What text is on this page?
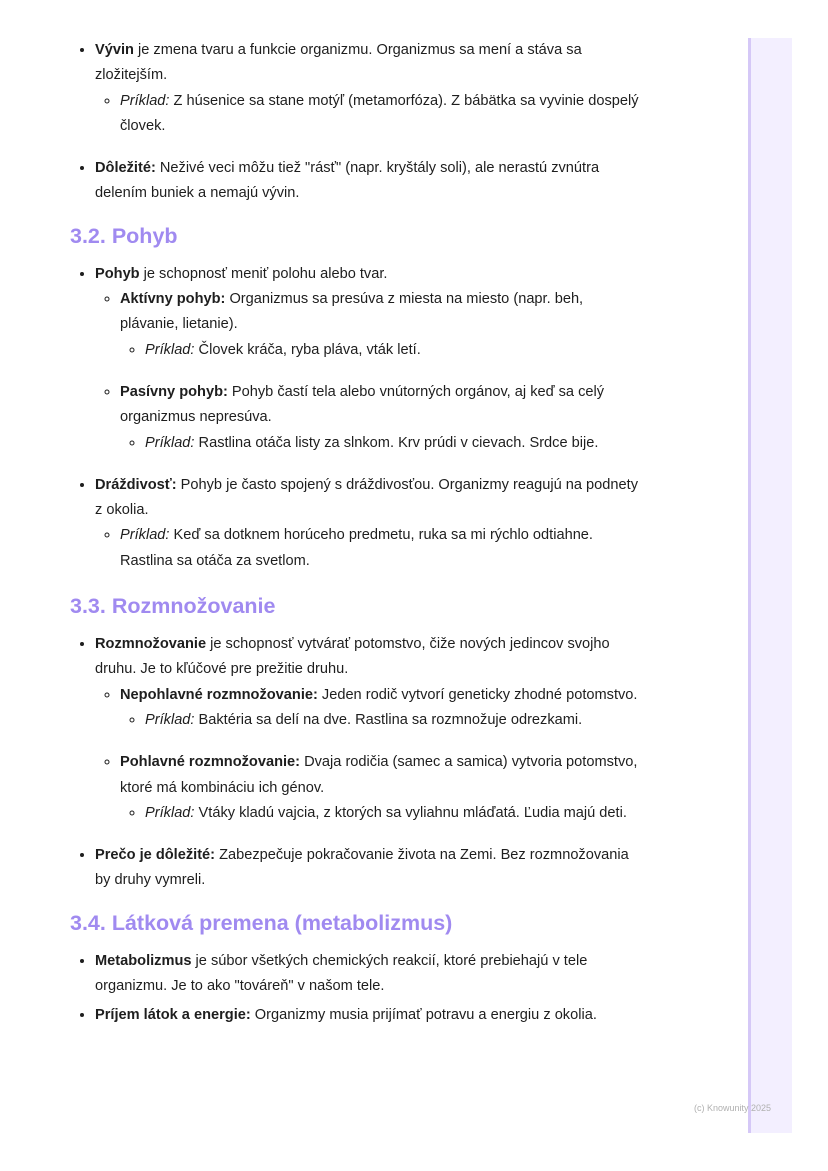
• Vývin je zmena tvaru a funkcie organizmu. Organizmus sa mení a stáva sa zložitejším.
◦ Príklad: Z húsenice sa stane motýľ (metamorfóza). Z bábätka sa vyvinie dospelý človek.
• Dôležité: Neživé veci môžu tiež "rásť" (napr. kryštály soli), ale nerastú zvnútra delením buniek a nemajú vývin.
3.2. Pohyb
• Pohyb je schopnosť meniť polohu alebo tvar.
◦ Aktívny pohyb: Organizmus sa presúva z miesta na miesto (napr. beh, plávanie, lietanie).
◦ Príklad: Človek kráča, ryba pláva, vták letí.
◦ Pasívny pohyb: Pohyb častí tela alebo vnútorných orgánov, aj keď sa celý organizmus nepresúva.
◦ Príklad: Rastlina otáča listy za slnkom. Krv prúdi v cievach. Srdce bije.
• Dráždivosť: Pohyb je často spojený s dráždivosťou. Organizmy reagujú na podnety z okolia.
◦ Príklad: Keď sa dotknem horúceho predmetu, ruka sa mi rýchlo odtiahne. Rastlina sa otáča za svetlom.
3.3. Rozmnožovanie
• Rozmnožovanie je schopnosť vytvárať potomstvo, čiže nových jedincov svojho druhu. Je to kľúčové pre prežitie druhu.
◦ Nepohlavné rozmnožovanie: Jeden rodič vytvorí geneticky zhodné potomstvo.
◦ Príklad: Baktéria sa delí na dve. Rastlina sa rozmnožuje odrezkami.
◦ Pohlavné rozmnožovanie: Dvaja rodičia (samec a samica) vytvoria potomstvo, ktoré má kombináciu ich génov.
◦ Príklad: Vtáky kladú vajcia, z ktorých sa vyliahnu mláďatá. Ľudia majú deti.
• Prečo je dôležité: Zabezpečuje pokračovanie života na Zemi. Bez rozmnožovania by druhy vymreli.
3.4. Látková premena (metabolizmus)
• Metabolizmus je súbor všetkých chemických reakcií, ktoré prebiehajú v tele organizmu. Je to ako "továreň" v našom tele.
• Príjem látok a energie: Organizmy musia prijímať potravu a energiu z okolia.
(c) Knowunity 2025
